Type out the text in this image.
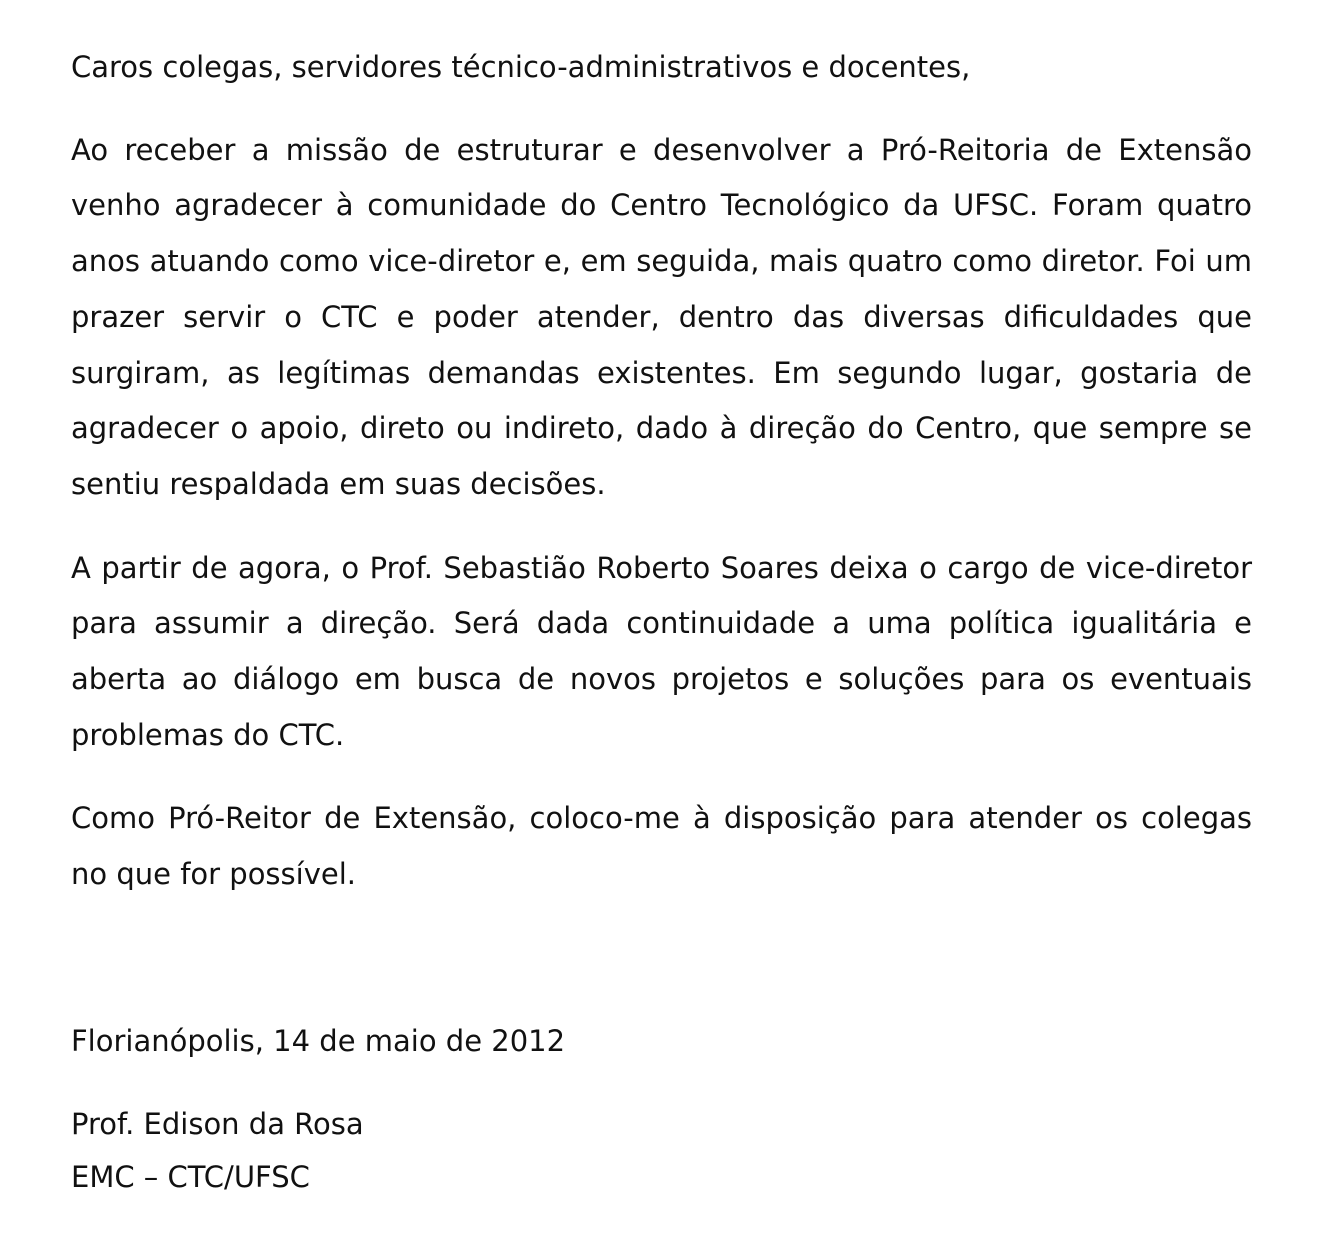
Caros colegas, servidores técnico-administrativos e docentes,

Ao receber a missão de estruturar e desenvolver a Pró-Reitoria de Extensão venho agradecer à comunidade do Centro Tecnológico da UFSC. Foram quatro anos atuando como vice-diretor e, em seguida, mais quatro como diretor. Foi um prazer servir o CTC e poder atender, dentro das diversas dificuldades que surgiram, as legítimas demandas existentes. Em segundo lugar, gostaria de agradecer o apoio, direto ou indireto, dado à direção do Centro, que sempre se sentiu respaldada em suas decisões.

A partir de agora, o Prof. Sebastião Roberto Soares deixa o cargo de vice-diretor para assumir a direção. Será dada continuidade a uma política igualitária e aberta ao diálogo em busca de novos projetos e soluções para os eventuais problemas do CTC.

Como Pró-Reitor de Extensão, coloco-me à disposição para atender os colegas no que for possível.

Florianópolis, 14 de maio de 2012

Prof. Edison da Rosa

EMC – CTC/UFSC
